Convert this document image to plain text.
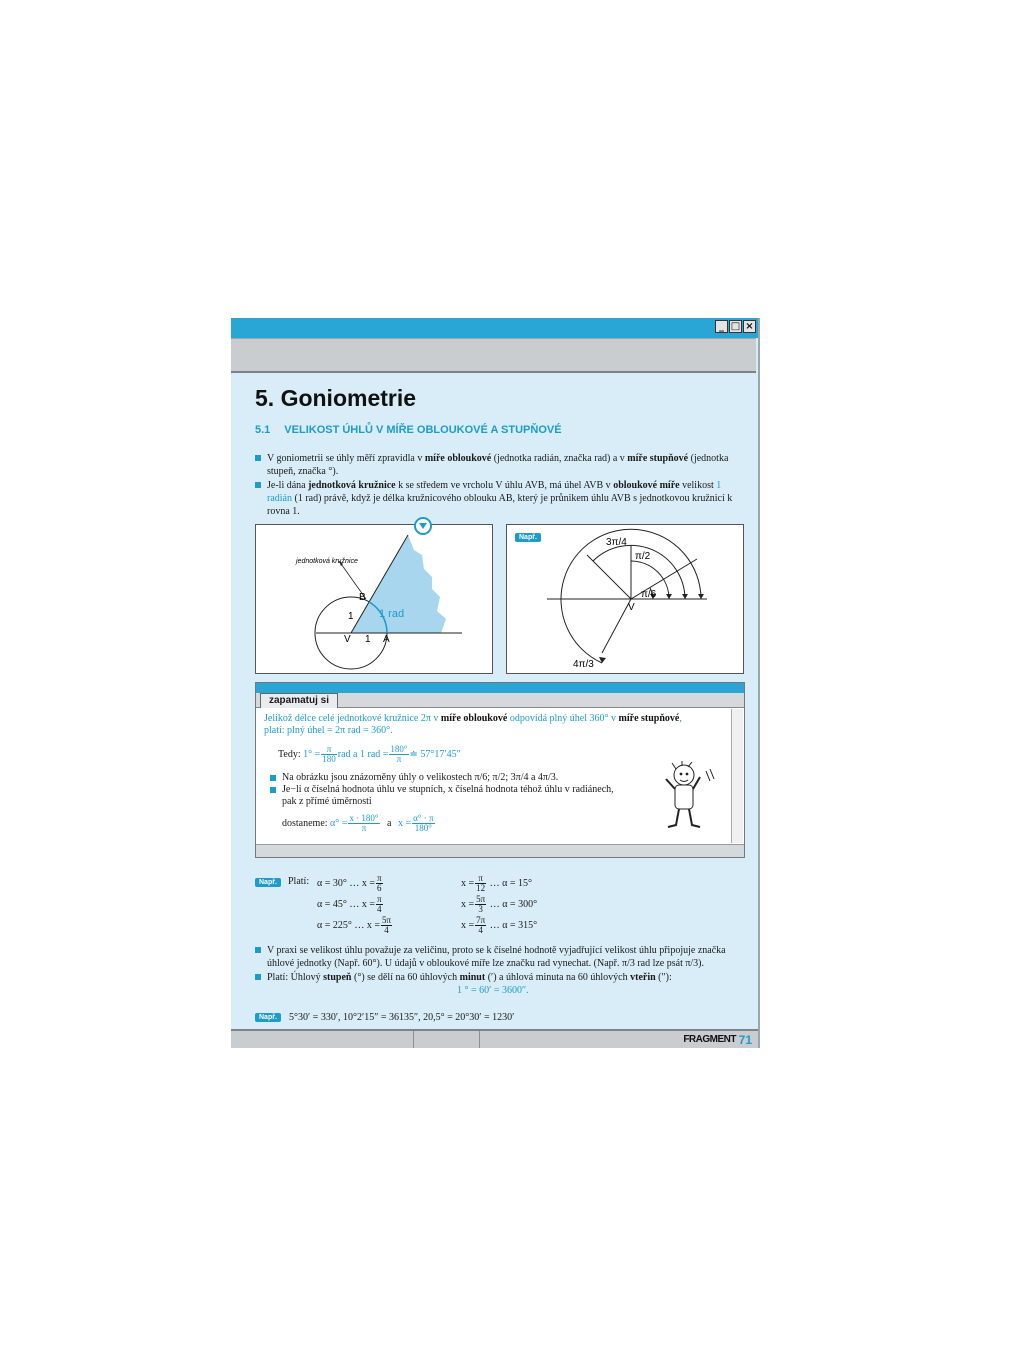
_ □ ×
5. Goniometrie
5.1 VELIKOST ÚHLŮ V MÍŘE OBLOUKOVÉ A STUPŇOVÉ
V goniometrii se úhly měří zpravidla v míře obloukové (jednotka radián, značka rad) a v míře stupňové (jednotka stupeň, značka °).
Je-li dána jednotková kružnice k se středem ve vrcholu V úhlu AVB, má úhel AVB v obloukové míře velikost 1 radián (1 rad) právě, když je délka kružnicového oblouku AB, který je průnikem úhlu AVB s jednotkovou kružnicí k rovna 1.
jednotková kružnice
B
V	A
1
1
1 rad
Např.	3π/4
π/2
π/6
4π/3
V
zapamatuj si
Jelikož délce celé jednotkové kružnice 2π v míře obloukové odpovídá plný úhel 360° v míře stupňové,
platí: plný úhel = 2π rad = 360°.
Tedy: $1^\circ = \frac{\pi}{180}$ rad a 1 rad = $\frac{180^\circ}{\pi}$ ≐ 57°17′45″
Na obrázku jsou znázorněny úhly o velikostech π/6; π/2; 3π/4 a 4π/3.
Je−li α číselná hodnota úhlu ve stupních, x číselná hodnota téhož úhlu v radiánech,
pak z přímé úměrnosti
dostaneme: $\alpha^\circ = \frac{x \cdot 180^\circ}{\pi}$ a $x = \frac{\alpha^\circ \cdot \pi}{180^\circ}$
Např.	Platí: α = 30° … $x = \frac{\pi}{6}$	$x = \frac{\pi}{12}$ … α = 15°
α = 45° … $x = \frac{\pi}{4}$	$x = \frac{5\pi}{3}$ … α = 300°
α = 225° … $x = \frac{5\pi}{4}$	$x = \frac{7\pi}{4}$ … α = 315°
V praxi se velikost úhlu považuje za veličinu, proto se k číselné hodnotě vyjadřující velikost úhlu připojuje značka úhlové jednotky (Např. 60°). U údajů v obloukové míře lze značku rad vynechat. (Např. π/3 rad lze psát π/3).
Platí: Úhlový stupeň (°) se dělí na 60 úhlových minut (′) a úhlová minuta na 60 úhlových vteřin (″):
1 ° = 60′ = 3600″.
Např.	5°30′ = 330′, 10°2′15″ = 36135″, 20,5° = 20°30′ = 1230′
FRAGMENT 71
